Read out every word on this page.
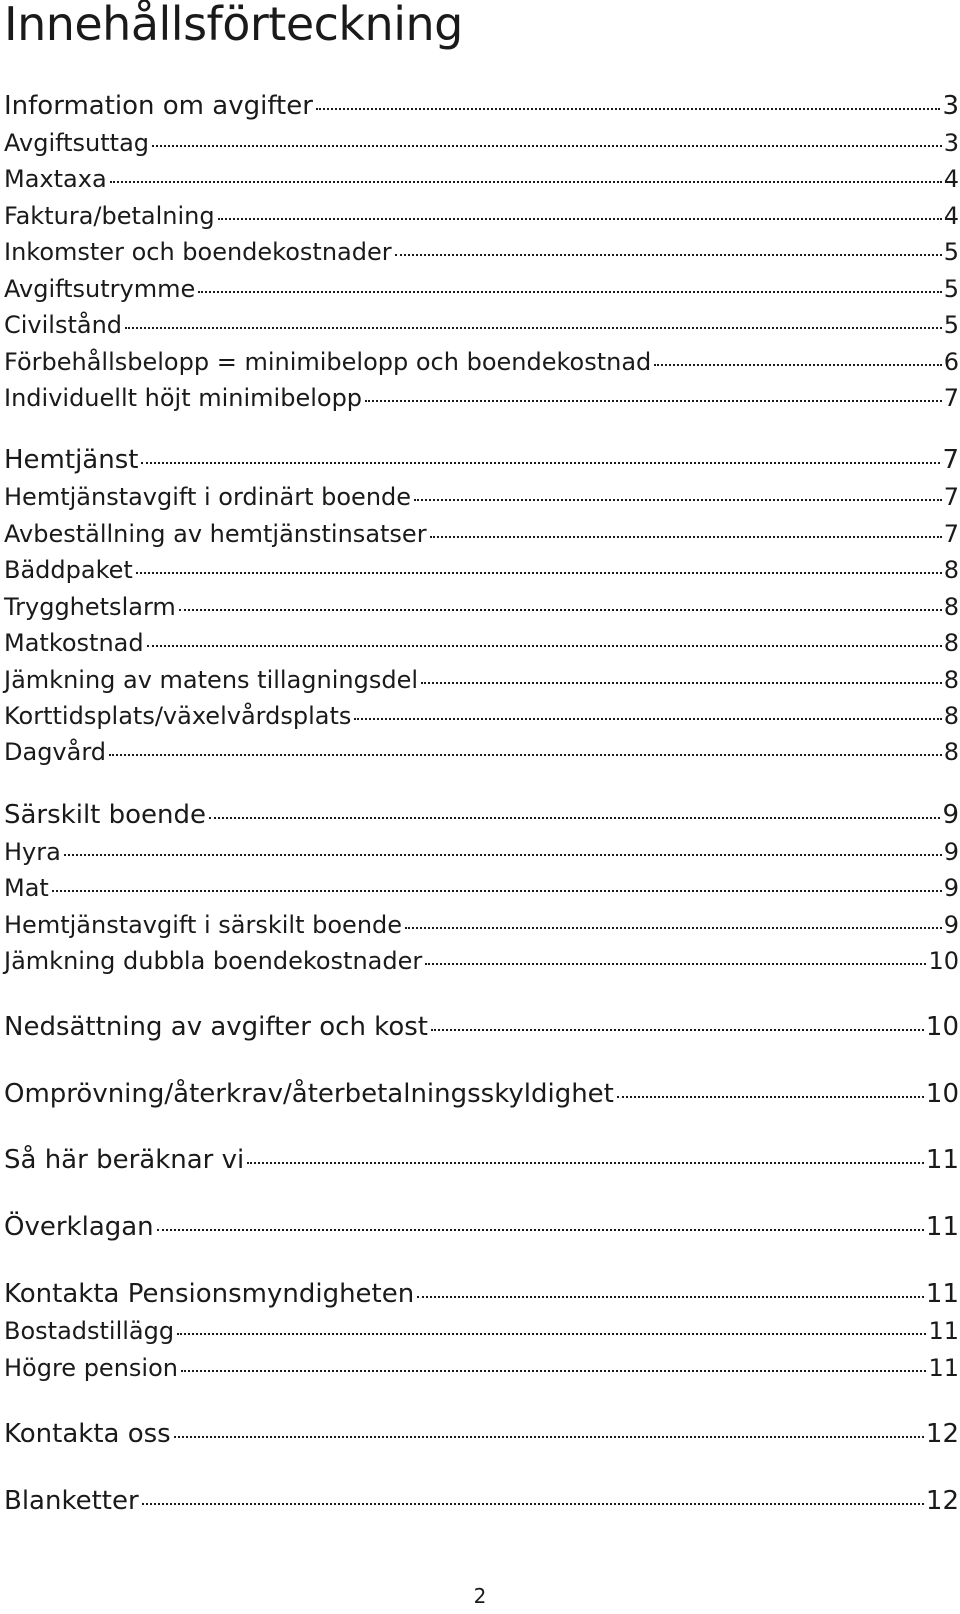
Innehållsförteckning
Information om avgifter	3
Avgiftsuttag	3
Maxtaxa	4
Faktura/betalning	4
Inkomster och boendekostnader	5
Avgiftsutrymme	5
Civilstånd	5
Förbehållsbelopp = minimibelopp och boendekostnad	6
Individuellt höjt minimibelopp	7
Hemtjänst	7
Hemtjänstavgift i ordinärt boende	7
Avbeställning av hemtjänstinsatser	7
Bäddpaket	8
Trygghetslarm	8
Matkostnad	8
Jämkning av matens tillagningsdel	8
Korttidsplats/växelvårdsplats	8
Dagvård	8
Särskilt boende	9
Hyra	9
Mat	9
Hemtjänstavgift i särskilt boende	9
Jämkning dubbla boendekostnader	10
Nedsättning av avgifter och kost	10
Omprövning/återkrav/återbetalningsskyldighet	10
Så här beräknar vi	11
Överklagan	11
Kontakta Pensionsmyndigheten	11
Bostadstillägg	11
Högre pension	11
Kontakta oss	12
Blanketter	12
2
